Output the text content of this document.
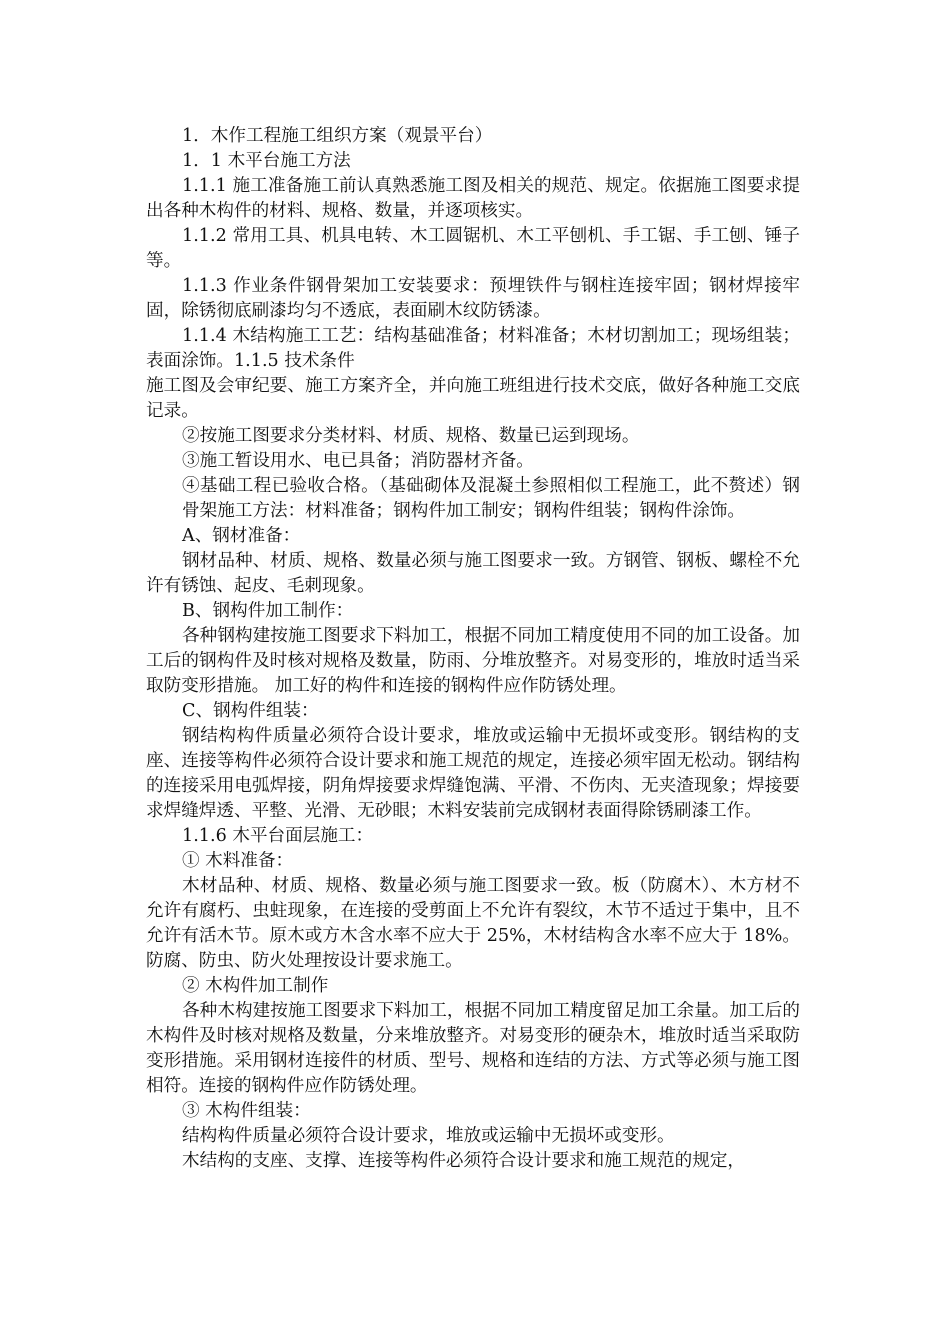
1．木作工程施工组织方案（观景平台）

1．1 木平台施工方法

1.1.1 施工准备施工前认真熟悉施工图及相关的规范、规定。依据施工图要求提出各种木构件的材料、规格、数量，并逐项核实。

1.1.2 常用工具、机具电转、木工圆锯机、木工平刨机、手工锯、手工刨、锤子等。

1.1.3 作业条件钢骨架加工安装要求：预埋铁件与钢柱连接牢固；钢材焊接牢固，除锈彻底刷漆均匀不透底，表面刷木纹防锈漆。

1.1.4 木结构施工工艺：结构基础准备；材料准备；木材切割加工；现场组装；表面涂饰。1.1.5 技术条件

施工图及会审纪要、施工方案齐全，并向施工班组进行技术交底，做好各种施工交底记录。

②按施工图要求分类材料、材质、规格、数量已运到现场。

③施工暂设用水、电已具备；消防器材齐备。

④基础工程已验收合格。（基础砌体及混凝土参照相似工程施工，此不赘述）钢骨架施工方法：材料准备；钢构件加工制安；钢构件组装；钢构件涂饰。

A、钢材准备：

钢材品种、材质、规格、数量必须与施工图要求一致。方钢管、钢板、螺栓不允许有锈蚀、起皮、毛刺现象。

B、钢构件加工制作：

各种钢构建按施工图要求下料加工，根据不同加工精度使用不同的加工设备。加工后的钢构件及时核对规格及数量，防雨、分堆放整齐。对易变形的，堆放时适当采取防变形措施。 加工好的构件和连接的钢构件应作防锈处理。

C、钢构件组装：

钢结构构件质量必须符合设计要求，堆放或运输中无损坏或变形。钢结构的支座、连接等构件必须符合设计要求和施工规范的规定，连接必须牢固无松动。钢结构的连接采用电弧焊接，阴角焊接要求焊缝饱满、平滑、不伤肉、无夹渣现象；焊接要求焊缝焊透、平整、光滑、无砂眼；木料安装前完成钢材表面得除锈刷漆工作。

1.1.6 木平台面层施工：

① 木料准备：

木材品种、材质、规格、数量必须与施工图要求一致。板（防腐木）、木方材不允许有腐朽、虫蛀现象，在连接的受剪面上不允许有裂纹，木节不适过于集中，且不允许有活木节。原木或方木含水率不应大于 25%，木材结构含水率不应大于 18%。防腐、防虫、防火处理按设计要求施工。

② 木构件加工制作

各种木构建按施工图要求下料加工，根据不同加工精度留足加工余量。加工后的木构件及时核对规格及数量，分来堆放整齐。对易变形的硬杂木，堆放时适当采取防变形措施。采用钢材连接件的材质、型号、规格和连结的方法、方式等必须与施工图相符。连接的钢构件应作防锈处理。

③ 木构件组装：

结构构件质量必须符合设计要求，堆放或运输中无损坏或变形。

木结构的支座、支撑、连接等构件必须符合设计要求和施工规范的规定，
